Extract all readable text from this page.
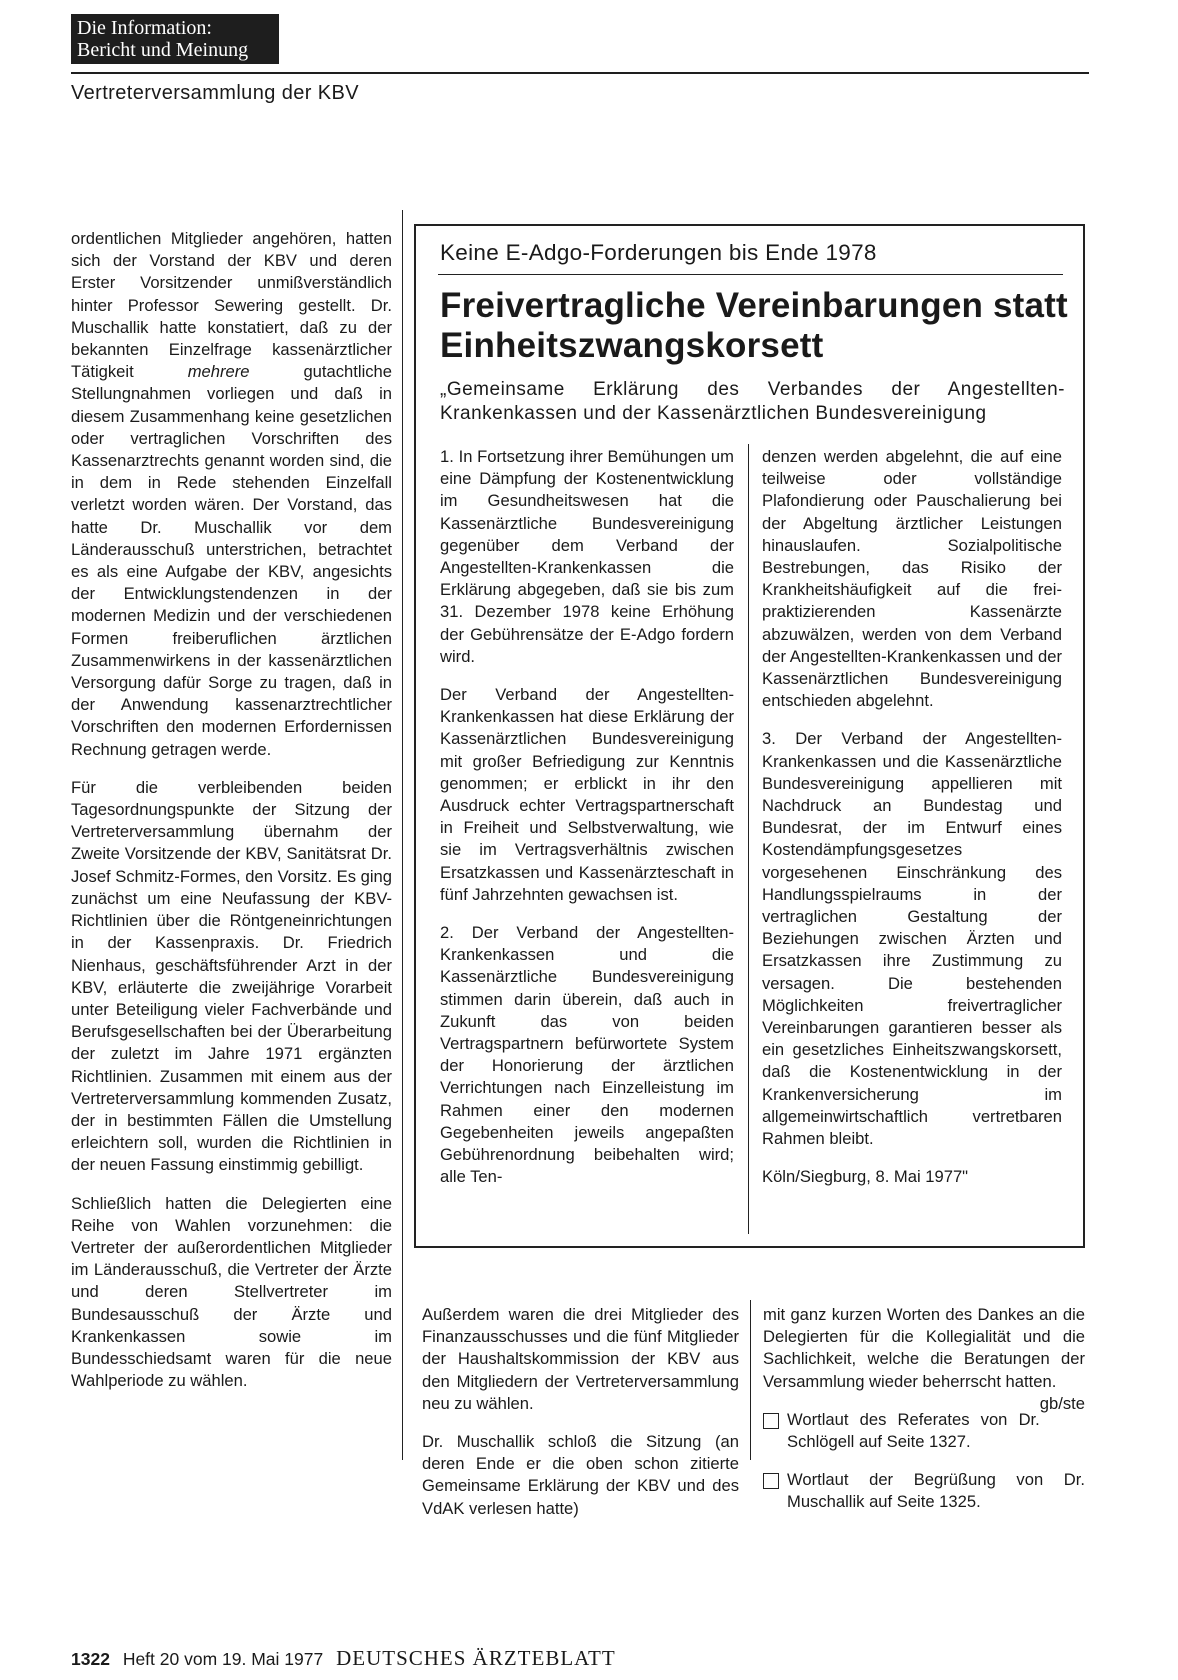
Die Information:
Bericht und Meinung
Vertreterversammlung der KBV

ordentlichen Mitglieder angehören, hatten sich der Vorstand der KBV und deren Erster Vorsitzender unmißverständlich hinter Professor Sewering gestellt. Dr. Muschallik hatte konstatiert, daß zu der bekannten Einzelfrage kassenärztlicher Tätigkeit mehrere gutachtliche Stellungnahmen vorliegen und daß in diesem Zusammenhang keine gesetzlichen oder vertraglichen Vorschriften des Kassenarztrechts genannt worden sind, die in dem in Rede stehenden Einzelfall verletzt worden wären. Der Vorstand, das hatte Dr. Muschallik vor dem Länderausschuß unterstrichen, betrachtet es als eine Aufgabe der KBV, angesichts der Entwicklungstendenzen in der modernen Medizin und der verschiedenen Formen freiberuflichen ärztlichen Zusammenwirkens in der kassenärztlichen Versorgung dafür Sorge zu tragen, daß in der Anwendung kassenarztrechtlicher Vorschriften den modernen Erfordernissen Rechnung getragen werde.

Für die verbleibenden beiden Tagesordnungspunkte der Sitzung der Vertreterversammlung übernahm der Zweite Vorsitzende der KBV, Sanitätsrat Dr. Josef Schmitz-Formes, den Vorsitz. Es ging zunächst um eine Neufassung der KBV-Richtlinien über die Röntgeneinrichtungen in der Kassenpraxis. Dr. Friedrich Nienhaus, geschäftsführender Arzt in der KBV, erläuterte die zweijährige Vorarbeit unter Beteiligung vieler Fachverbände und Berufsgesellschaften bei der Überarbeitung der zuletzt im Jahre 1971 ergänzten Richtlinien. Zusammen mit einem aus der Vertreterversammlung kommenden Zusatz, der in bestimmten Fällen die Umstellung erleichtern soll, wurden die Richtlinien in der neuen Fassung einstimmig gebilligt.

Schließlich hatten die Delegierten eine Reihe von Wahlen vorzunehmen: die Vertreter der außerordentlichen Mitglieder im Länderausschuß, die Vertreter der Ärzte und deren Stellvertreter im Bundesausschuß der Ärzte und Krankenkassen sowie im Bundesschiedsamt waren für die neue Wahlperiode zu wählen.

Keine E-Adgo-Forderungen bis Ende 1978
Freivertragliche Vereinbarungen statt Einheitszwangskorsett
„Gemeinsame Erklärung des Verbandes der Angestellten-Krankenkassen und der Kassenärztlichen Bundesvereinigung

1. In Fortsetzung ihrer Bemühungen um eine Dämpfung der Kostenentwicklung im Gesundheitswesen hat die Kassenärztliche Bundesvereinigung gegenüber dem Verband der Angestellten-Krankenkassen die Erklärung abgegeben, daß sie bis zum 31. Dezember 1978 keine Erhöhung der Gebührensätze der E-Adgo fordern wird.

Der Verband der Angestellten-Krankenkassen hat diese Erklärung der Kassenärztlichen Bundesvereinigung mit großer Befriedigung zur Kenntnis genommen; er erblickt in ihr den Ausdruck echter Vertragspartnerschaft in Freiheit und Selbstverwaltung, wie sie im Vertragsverhältnis zwischen Ersatzkassen und Kassenärzteschaft in fünf Jahrzehnten gewachsen ist.

2. Der Verband der Angestellten-Krankenkassen und die Kassenärztliche Bundesvereinigung stimmen darin überein, daß auch in Zukunft das von beiden Vertragspartnern befürwortete System der Honorierung der ärztlichen Verrichtungen nach Einzelleistung im Rahmen einer den modernen Gegebenheiten jeweils angepaßten Gebührenordnung beibehalten wird; alle Ten-

denzen werden abgelehnt, die auf eine teilweise oder vollständige Plafondierung oder Pauschalierung bei der Abgeltung ärztlicher Leistungen hinauslaufen. Sozialpolitische Bestrebungen, das Risiko der Krankheitshäufigkeit auf die frei-praktizierenden Kassenärzte abzuwälzen, werden von dem Verband der Angestellten-Krankenkassen und der Kassenärztlichen Bundesvereinigung entschieden abgelehnt.

3. Der Verband der Angestellten-Krankenkassen und die Kassenärztliche Bundesvereinigung appellieren mit Nachdruck an Bundestag und Bundesrat, der im Entwurf eines Kostendämpfungsgesetzes vorgesehenen Einschränkung des Handlungsspielraums in der vertraglichen Gestaltung der Beziehungen zwischen Ärzten und Ersatzkassen ihre Zustimmung zu versagen. Die bestehenden Möglichkeiten freivertraglicher Vereinbarungen garantieren besser als ein gesetzliches Einheitszwangskorsett, daß die Kostenentwicklung in der Krankenversicherung im allgemeinwirtschaftlich vertretbaren Rahmen bleibt.

Köln/Siegburg, 8. Mai 1977"

Außerdem waren die drei Mitglieder des Finanzausschusses und die fünf Mitglieder der Haushaltskommission der KBV aus den Mitgliedern der Vertreterversammlung neu zu wählen.

Dr. Muschallik schloß die Sitzung (an deren Ende er die oben schon zitierte Gemeinsame Erklärung der KBV und des VdAK verlesen hatte)

mit ganz kurzen Worten des Dankes an die Delegierten für die Kollegialität und die Sachlichkeit, welche die Beratungen der Versammlung wieder beherrscht hatten.
gb/ste

Wortlaut des Referates von Dr. Schlögell auf Seite 1327.

Wortlaut der Begrüßung von Dr. Muschallik auf Seite 1325.

1322 Heft 20 vom 19. Mai 1977 DEUTSCHES ÄRZTEBLATT
